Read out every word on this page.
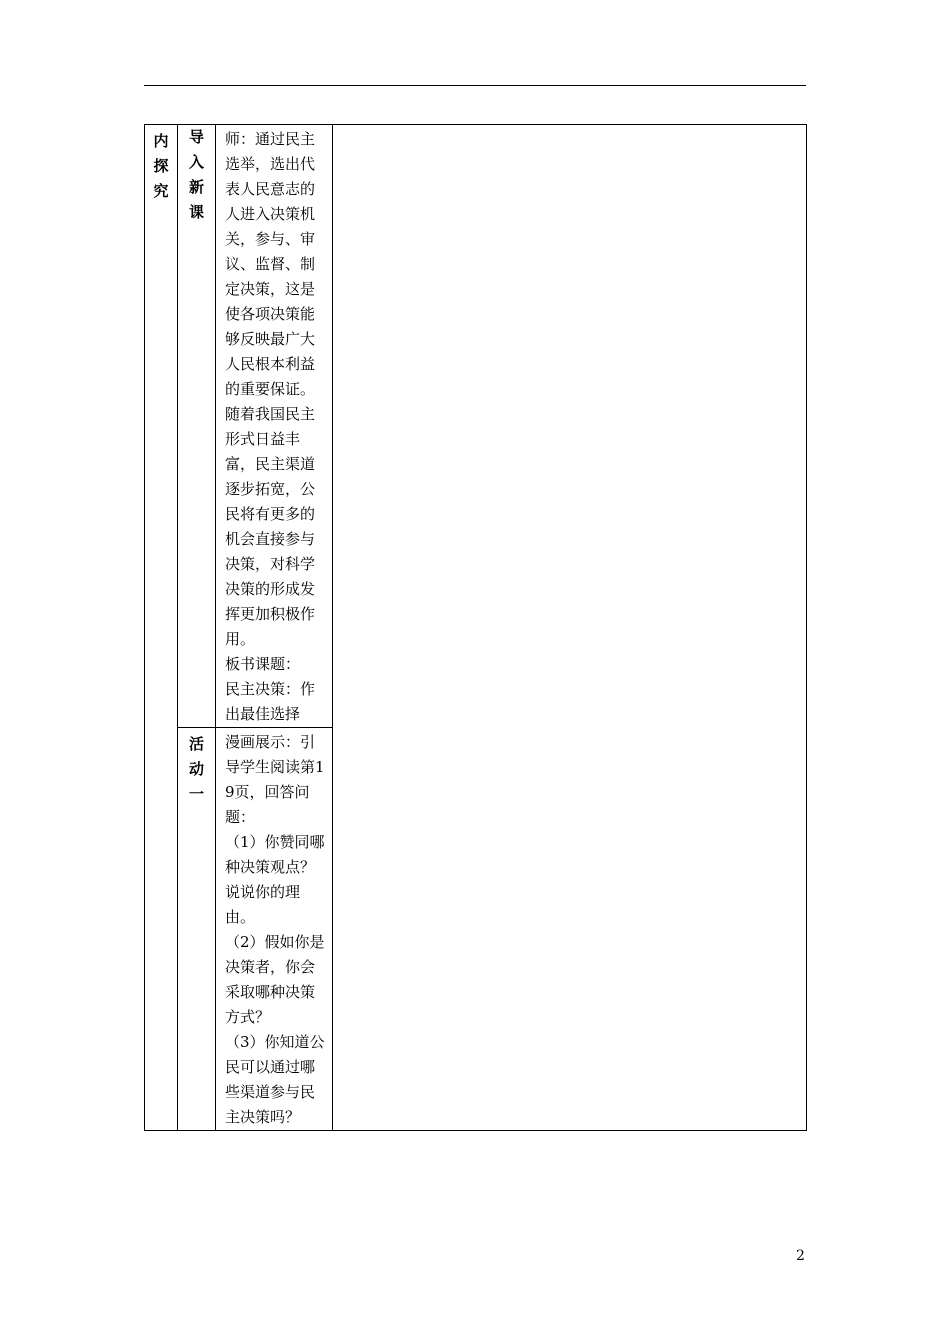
内探究	导入新课	师：通过民主选举，选出代表人民意志的人进入决策机关，参与、审议、监督、制定决策，这是使各项决策能够反映最广大人民根本利益的重要保证。随着我国民主形式日益丰富，民主渠道逐步拓宽，公民将有更多的机会直接参与决策，对科学决策的形成发挥更加积极作用。

板书课题：

民主决策：作出最佳选择	

	活动一	漫画展示：引导学生阅读第19页，回答问题：

（1）你赞同哪种决策观点？说说你的理由。

（2）假如你是决策者，你会采取哪种决策方式？

（3）你知道公民可以通过哪些渠道参与民主决策吗？	

2
